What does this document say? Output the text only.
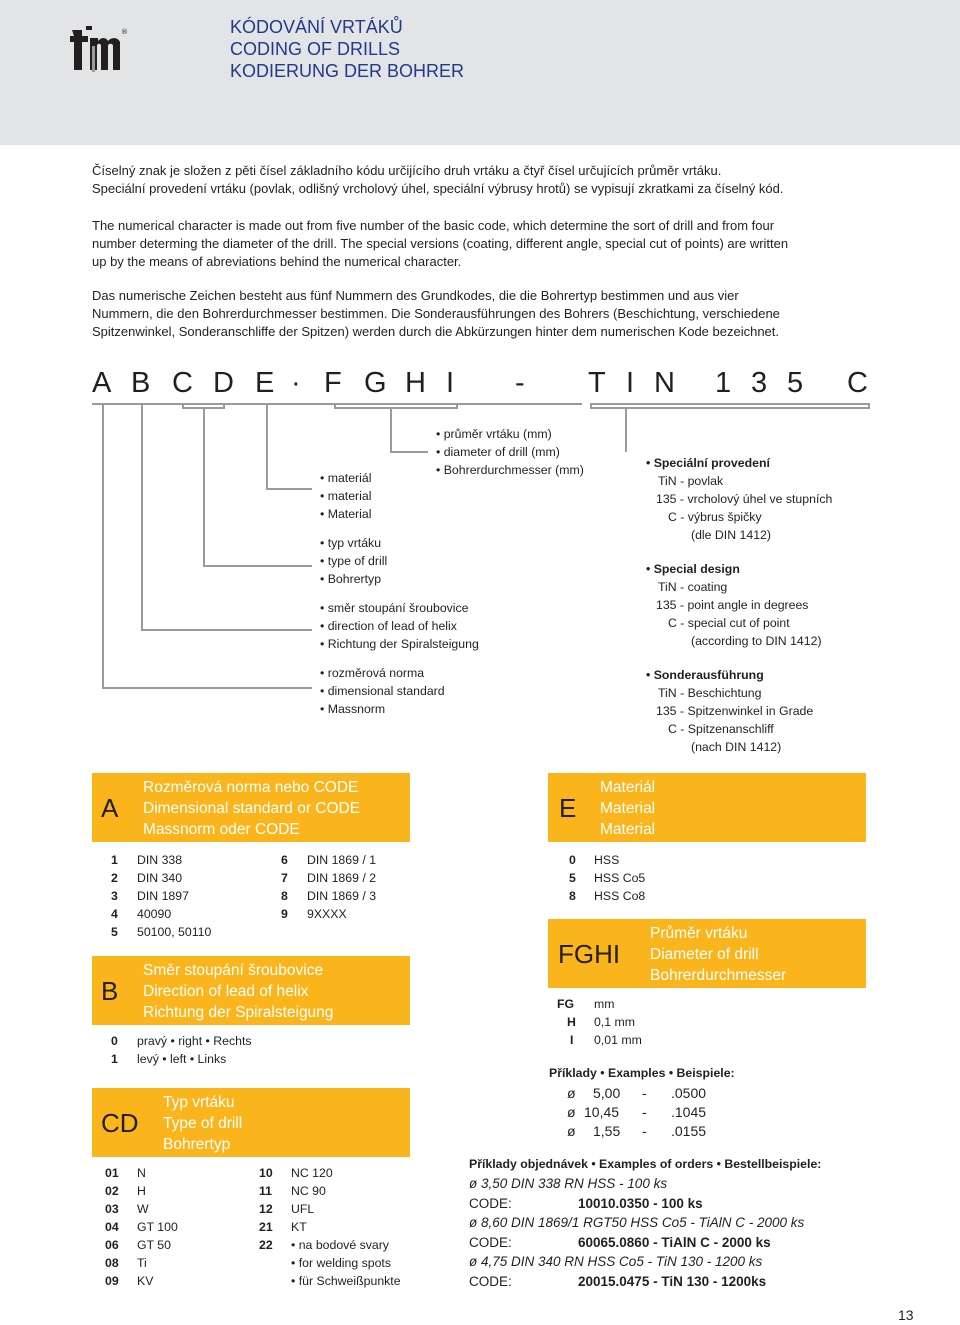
®	KÓDOVÁNÍ VRTÁKŮ
CODING OF DRILLS
KODIERUNG DER BOHRER
Číselný znak je složen z pěti čísel základního kódu určijícího druh vrtáku a čtyř čísel určujících průměr vrtáku.
Speciální provedení vrtáku (povlak, odlišný vrcholový úhel, speciální výbrusy hrotů) se vypisují zkratkami za číselný kód.
The numerical character is made out from five number of the basic code, which determine the sort of drill and from four
number determing the diameter of the drill. The special versions (coating, different angle, special cut of points) are written
up by the means of abreviations behind the numerical character.
Das numerische Zeichen besteht aus fünf Nummern des Grundkodes, die die Bohrertyp bestimmen und aus vier
Nummern, die den Bohrerdurchmesser bestimmen. Die Sonderausführungen des Bohrers (Beschichtung, verschiedene
Spitzenwinkel, Sonderanschliffe der Spitzen) werden durch die Abkürzungen hinter dem numerischen Kode bezeichnet.
A B C D E · F G H I - T I N 1 3 5 C
• průměr vrtáku (mm)
• diameter of drill (mm)
• Bohrerdurchmesser (mm)
• materiál
• material
• Material
• typ vrtáku
• type of drill
• Bohrertyp
• směr stoupání šroubovice
• direction of lead of helix
• Richtung der Spiralsteigung
• rozměrová norma
• dimensional standard
• Massnorm
• Speciální provedení
TiN - povlak
135 - vrcholový úhel ve stupních
C - výbrus špičky
(dle DIN 1412)
• Special design
TiN - coating
135 - point angle in degrees
C - special cut of point
(according to DIN 1412)
• Sonderausführung
TiN - Beschichtung
135 - Spitzenwinkel in Grade
C - Spitzenanschliff
(nach DIN 1412)
A
Rozměrová norma nebo CODE
Dimensional standard or CODE
Massnorm oder CODE
1 DIN 338
2 DIN 340
3 DIN 1897
4 40090
5 50100, 50110
6 DIN 1869 / 1
7 DIN 1869 / 2
8 DIN 1869 / 3
9 9XXXX
B
Směr stoupání šroubovice
Direction of lead of helix
Richtung der Spiralsteigung
0 pravý • right • Rechts
1 levý • left • Links
CD
Typ vrtáku
Type of drill
Bohrertyp
01 N
02 H
03 W
04 GT 100
06 GT 50
08 Ti
09 KV
10 NC 120
11 NC 90
12 UFL
21 KT
22 • na bodové svary
• for welding spots
• für Schweißpunkte
E
Materiál
Material
Material
0 HSS
5 HSS Co5
8 HSS Co8
FGHI
Průměr vrtáku
Diameter of drill
Bohrerdurchmesser
FG mm
H 0,1 mm
I 0,01 mm
Příklady • Examples • Beispiele:
ø 5,00 - .0500
ø 10,45 - .1045
ø 1,55 - .0155
Příklady objednávek • Examples of orders • Bestellbeispiele:
ø 3,50 DIN 338 RN HSS - 100 ks
CODE:	10010.0350 - 100 ks
ø 8,60 DIN 1869/1 RGT50 HSS Co5 - TiAlN C - 2000 ks
CODE:	60065.0860 - TiAlN C - 2000 ks
ø 4,75 DIN 340 RN HSS Co5 - TiN 130 - 1200 ks
CODE:	20015.0475 - TiN 130 - 1200ks
13
